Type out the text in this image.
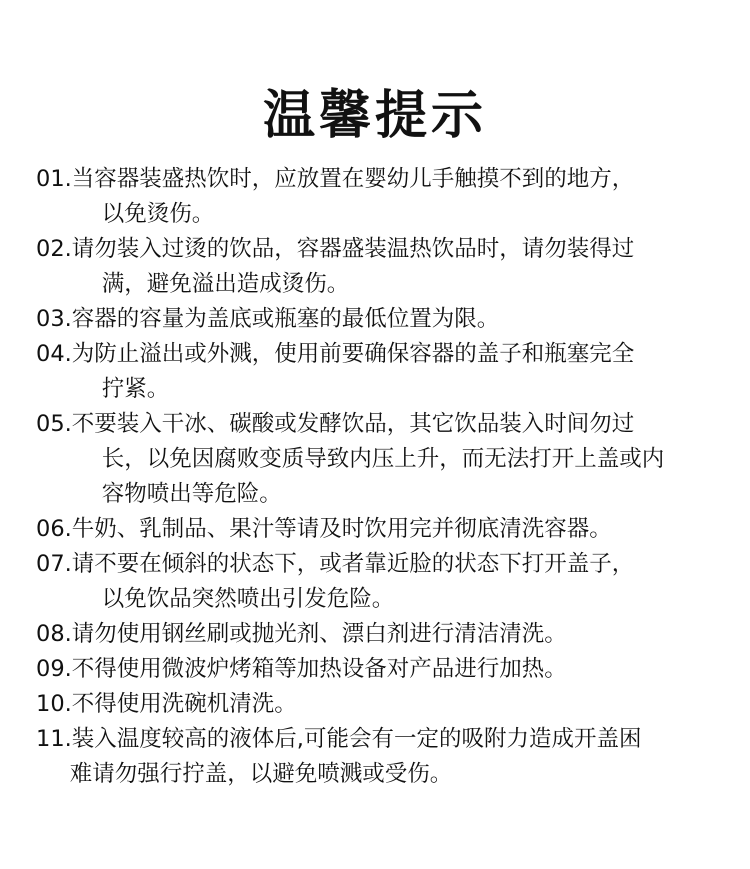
温馨提示
01. 当容器装盛热饮时，应放置在婴幼儿手触摸不到的地方，
以免烫伤。
02. 请勿装入过烫的饮品，容器盛装温热饮品时，请勿装得过
满，避免溢出造成烫伤。
03. 容器的容量为盖底或瓶塞的最低位置为限。
04. 为防止溢出或外溅，使用前要确保容器的盖子和瓶塞完全
拧紧。
05. 不要装入干冰、碳酸或发酵饮品，其它饮品装入时间勿过
长，以免因腐败变质导致内压上升，而无法打开上盖或内
容物喷出等危险。
06. 牛奶、乳制品、果汁等请及时饮用完并彻底清洗容器。
07. 请不要在倾斜的状态下，或者靠近脸的状态下打开盖子，
以免饮品突然喷出引发危险。
08. 请勿使用钢丝刷或抛光剂、漂白剂进行清洁清洗。
09. 不得使用微波炉烤箱等加热设备对产品进行加热。
10. 不得使用洗碗机清洗。
11. 装入温度较高的液体后,可能会有一定的吸附力造成开盖困
难请勿强行拧盖，以避免喷溅或受伤。
